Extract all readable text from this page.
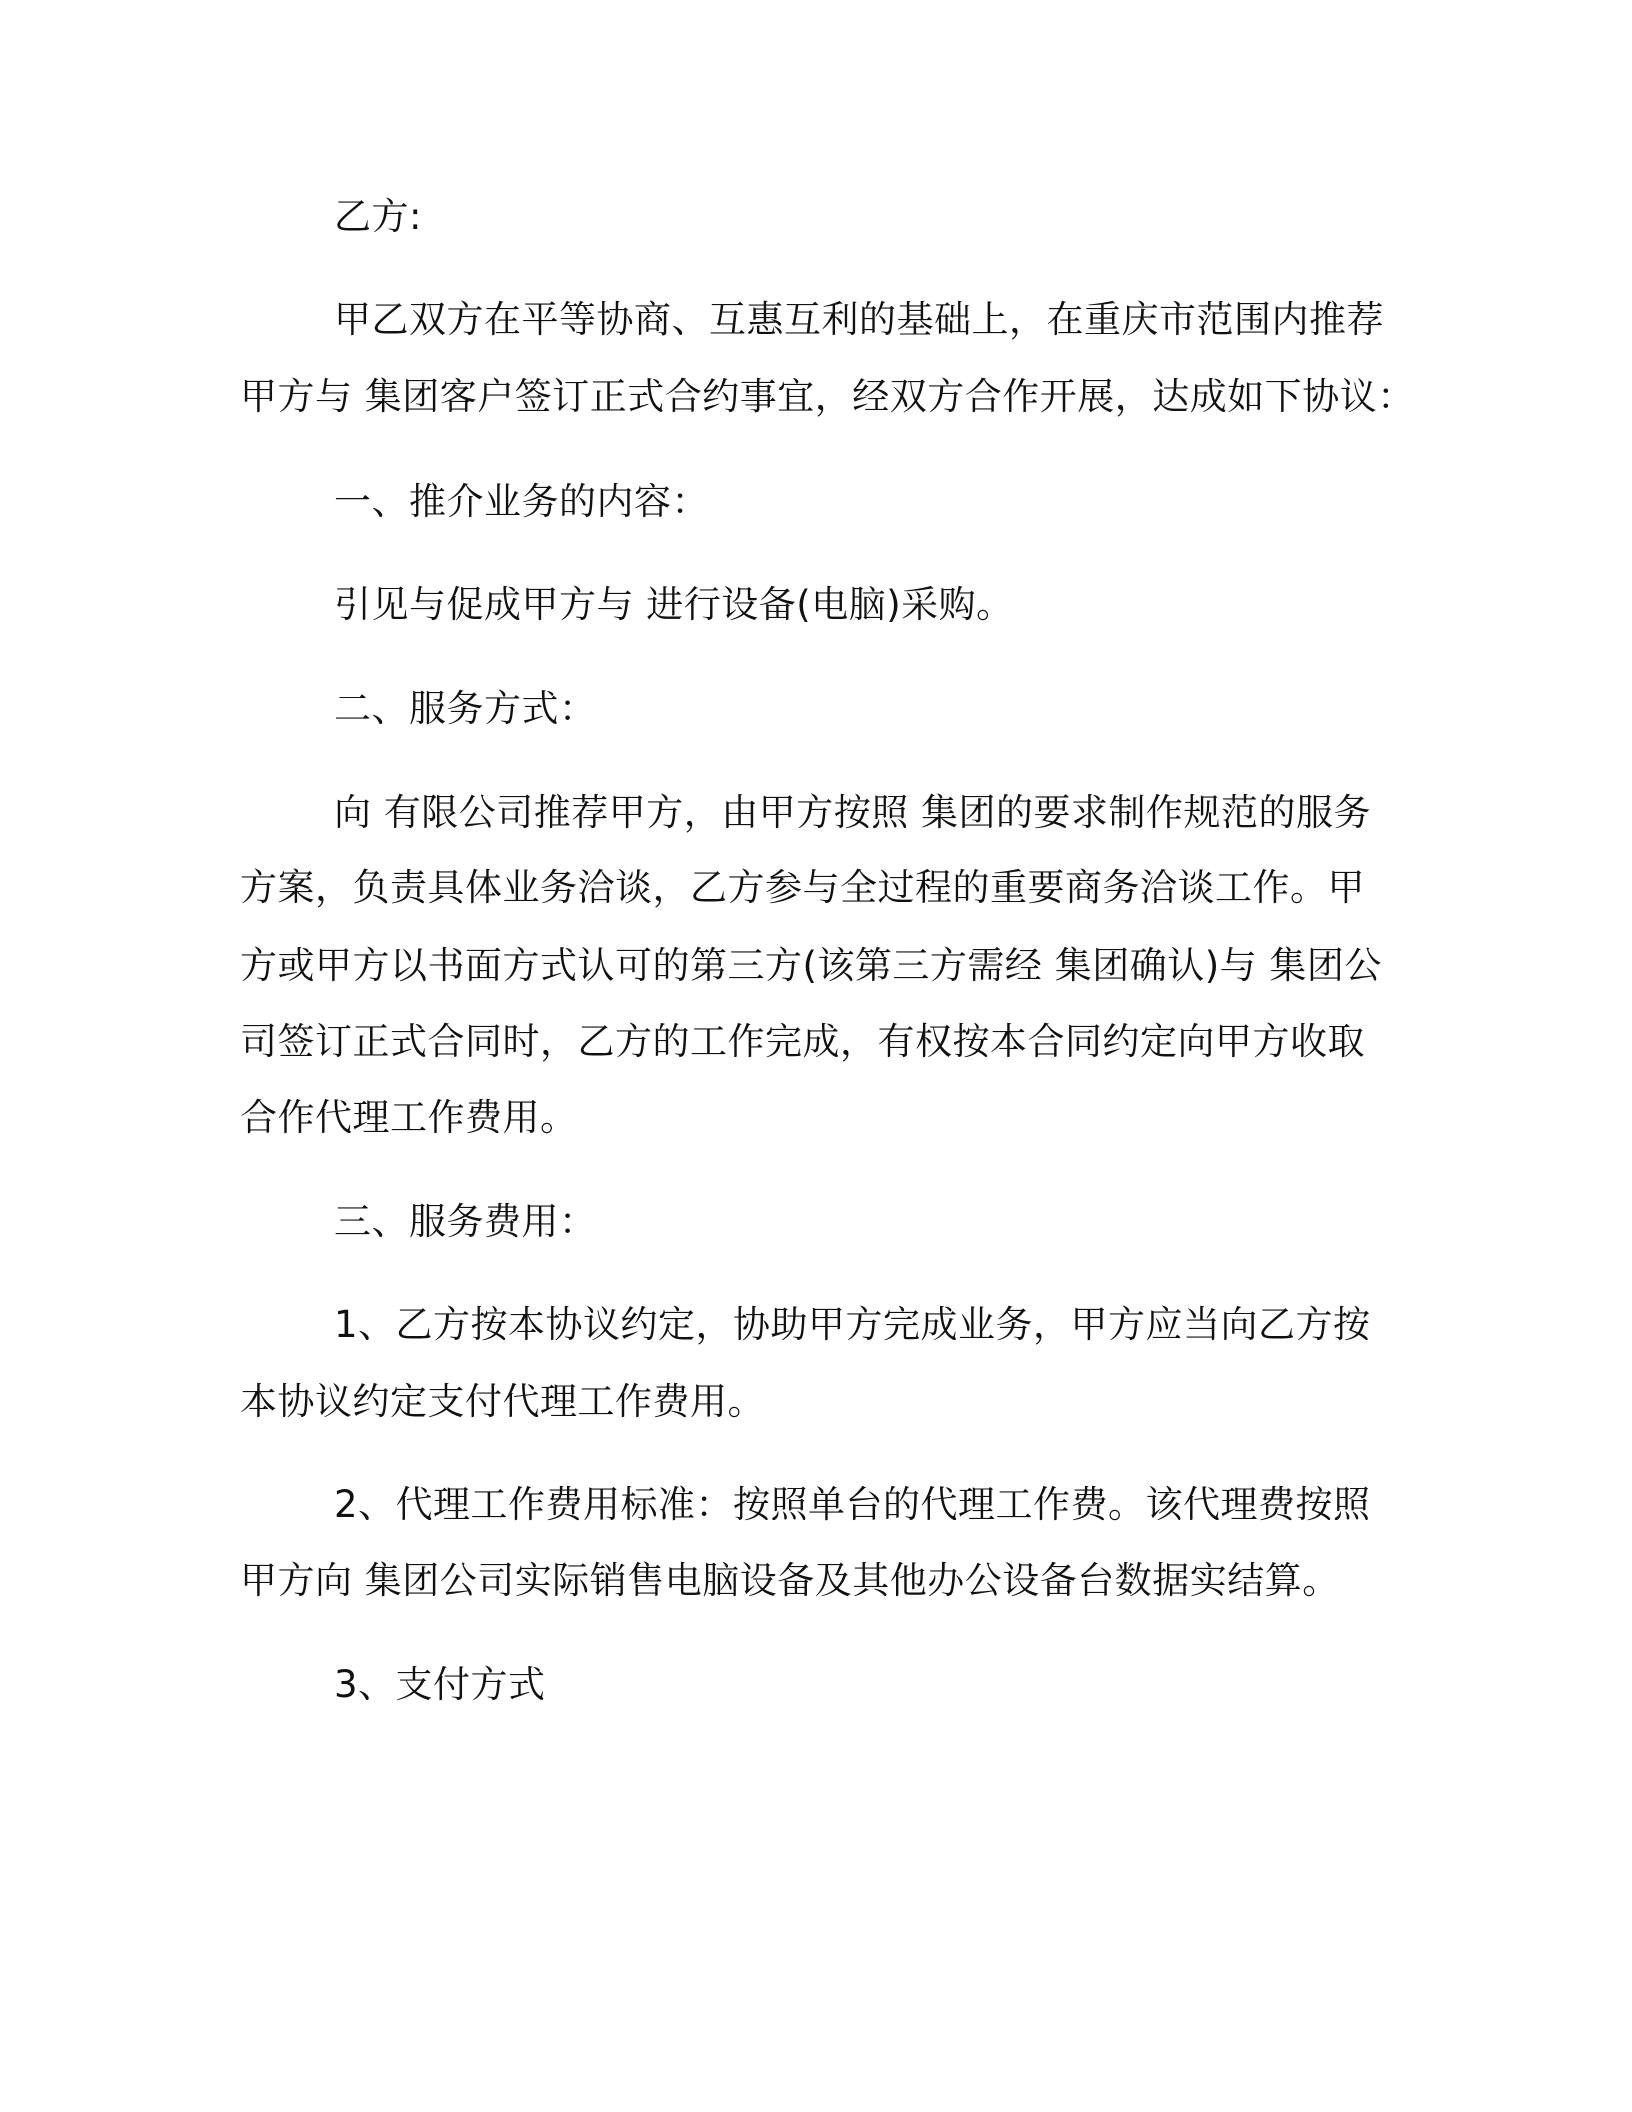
乙方:
甲乙双方在平等协商、互惠互利的基础上，在重庆市范围内推荐
甲方与 集团客户签订正式合约事宜，经双方合作开展，达成如下协议：
一、推介业务的内容：
引见与促成甲方与 进行设备(电脑)采购。
二、服务方式：
向 有限公司推荐甲方，由甲方按照 集团的要求制作规范的服务
方案，负责具体业务洽谈，乙方参与全过程的重要商务洽谈工作。甲
方或甲方以书面方式认可的第三方(该第三方需经 集团确认)与 集团公
司签订正式合同时，乙方的工作完成，有权按本合同约定向甲方收取
合作代理工作费用。
三、服务费用：
1、乙方按本协议约定，协助甲方完成业务，甲方应当向乙方按
本协议约定支付代理工作费用。
2、代理工作费用标准：按照单台的代理工作费。该代理费按照
甲方向 集团公司实际销售电脑设备及其他办公设备台数据实结算。
3、支付方式
